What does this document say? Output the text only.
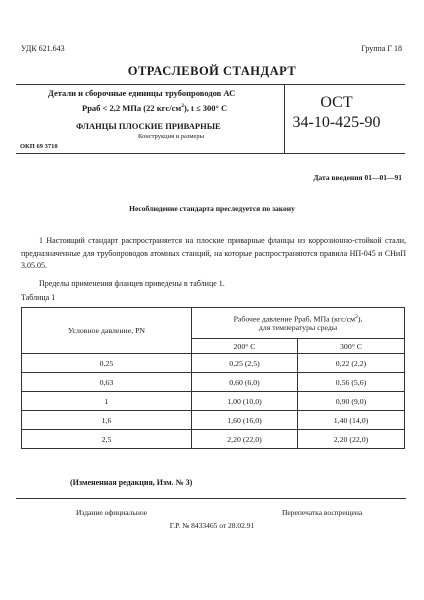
УДК 621.643	Группа Г 18
ОТРАСЛЕВОЙ СТАНДАРТ
Детали и сборочные единицы трубопроводов АС
Рраб < 2,2 МПа (22 кгс/$см^2$), t ≤ 300° С
ФЛАНЦЫ ПЛОСКИЕ ПРИВАРНЫЕ
Конструкция и размеры
ОКП 69 3710
ОСТ
34-10-425-90
Дата введения 01—01—91
Несоблюдение стандарта преследуется по закону

1 Настоящий стандарт распространяется на плоские приварные фланцы из коррозионно-стойкой стали, предназначенные для трубопроводов атомных станций, на которые распространяются правила НП-045 и СНиП 3.05.05.

Пределы применения фланцев приведены в таблице 1.
Таблица 1
Условное давление, PN	Рабочее давление Рраб, МПа $(кгс/см^2)$,
для температуры среды	
	200° С	300° С
0,25	0,25 (2,5)	0,22 (2,2)
0,63	0,60 (6,0)	0,56 (5,6)
1	1,00 (10,0)	0,90 (9,0)
1,6	1,60 (16,0)	1,40 (14,0)
2,5	2,20 (22,0)	2,20 (22,0)
(Измененная редакция, Изм. № 3)
Издание официальное	Перепечатка воспрещена
Г.Р. № 8433465 от 28.02.91
